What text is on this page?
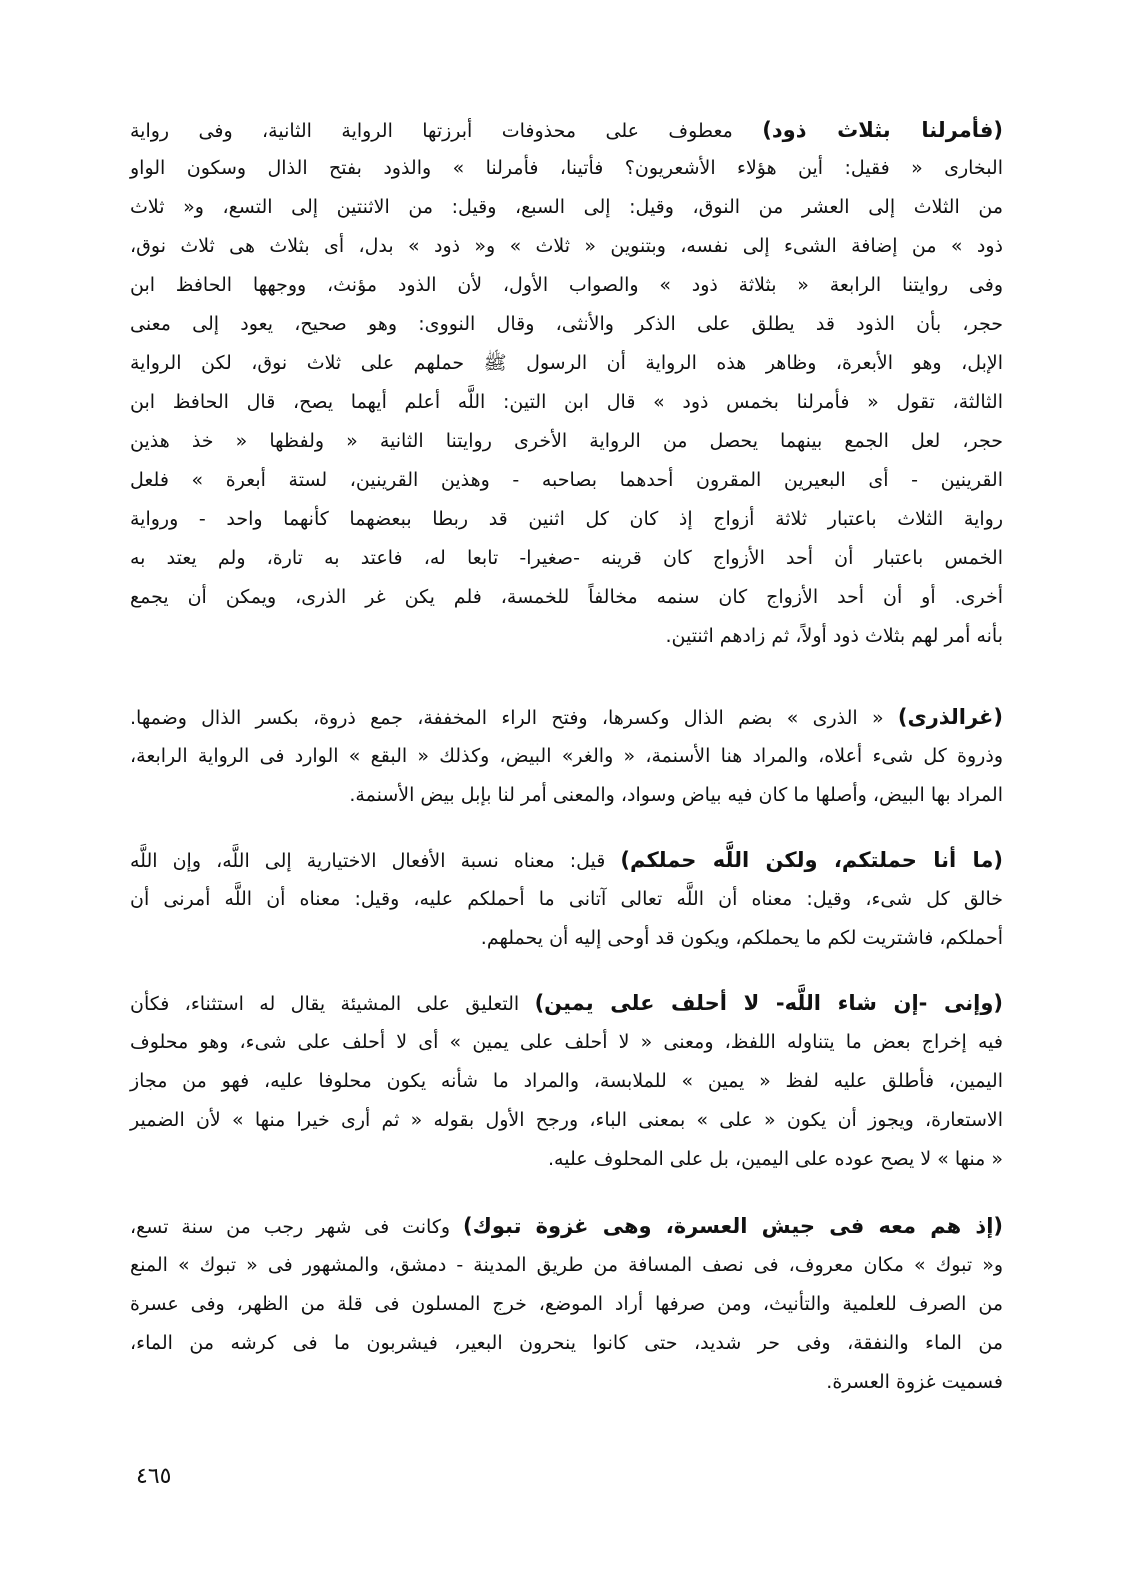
(فأمرلنا بثلاث ذود) معطوف على محذوفات أبرزتها الرواية الثانية، وفى رواية
البخارى « فقيل: أين هؤلاء الأشعريون؟ فأتينا، فأمرلنا » والذود بفتح الذال وسكون الواو
من الثلاث إلى العشر من النوق، وقيل: إلى السبع، وقيل: من الاثنتين إلى التسع، و« ثلاث
ذود » من إضافة الشىء إلى نفسه، وبتنوين « ثلاث » و« ذود » بدل، أى بثلاث هى ثلاث نوق،
وفى روايتنا الرابعة « بثلاثة ذود » والصواب الأول، لأن الذود مؤنث، ووجهها الحافظ ابن
حجر، بأن الذود قد يطلق على الذكر والأنثى، وقال النووى: وهو صحيح، يعود إلى معنى
الإبل، وهو الأبعرة، وظاهر هذه الرواية أن الرسول ﷺ حملهم على ثلاث نوق، لكن الرواية
الثالثة، تقول « فأمرلنا بخمس ذود » قال ابن التين: اللَّه أعلم أيهما يصح، قال الحافظ ابن
حجر، لعل الجمع بينهما يحصل من الرواية الأخرى روايتنا الثانية « ولفظها « خذ هذين
القرينين - أى البعيرين المقرون أحدهما بصاحبه - وهذين القرينين، لستة أبعرة » فلعل
رواية الثلاث باعتبار ثلاثة أزواج إذ كان كل اثنين قد ربطا ببعضهما كأنهما واحد - ورواية
الخمس باعتبار أن أحد الأزواج كان قرينه -صغيرا- تابعا له، فاعتد به تارة، ولم يعتد به
أخرى. أو أن أحد الأزواج كان سنمه مخالفاً للخمسة، فلم يكن غر الذرى، ويمكن أن يجمع
بأنه أمر لهم بثلاث ذود أولاً، ثم زادهم اثنتين.
(غرالذرى) « الذرى » بضم الذال وكسرها، وفتح الراء المخففة، جمع ذروة، بكسر الذال وضمها.
وذروة كل شىء أعلاه، والمراد هنا الأسنمة، « والغر» البيض، وكذلك « البقع » الوارد فى الرواية الرابعة،
المراد بها البيض، وأصلها ما كان فيه بياض وسواد، والمعنى أمر لنا بإبل بيض الأسنمة.
(ما أنا حملتكم، ولكن اللَّه حملكم) قيل: معناه نسبة الأفعال الاختيارية إلى اللَّه، وإن اللَّه
خالق كل شىء، وقيل: معناه أن اللَّه تعالى آتانى ما أحملكم عليه، وقيل: معناه أن اللَّه أمرنى أن
أحملكم، فاشتريت لكم ما يحملكم، ويكون قد أوحى إليه أن يحملهم.
(وإنى -إن شاء اللَّه- لا أحلف على يمين) التعليق على المشيئة يقال له استثناء، فكأن
فيه إخراج بعض ما يتناوله اللفظ، ومعنى « لا أحلف على يمين » أى لا أحلف على شىء، وهو محلوف
اليمين، فأطلق عليه لفظ « يمين » للملابسة، والمراد ما شأنه يكون محلوفا عليه، فهو من مجاز
الاستعارة، ويجوز أن يكون « على » بمعنى الباء، ورجح الأول بقوله « ثم أرى خيرا منها » لأن الضمير
« منها » لا يصح عوده على اليمين، بل على المحلوف عليه.
(إذ هم معه فى جيش العسرة، وهى غزوة تبوك) وكانت فى شهر رجب من سنة تسع،
و« تبوك » مكان معروف، فى نصف المسافة من طريق المدينة - دمشق، والمشهور فى « تبوك » المنع
من الصرف للعلمية والتأنيث، ومن صرفها أراد الموضع، خرج المسلون فى قلة من الظهر، وفى عسرة
من الماء والنفقة، وفى حر شديد، حتى كانوا ينحرون البعير، فيشربون ما فى كرشه من الماء،
فسميت غزوة العسرة.
٤٦٥
